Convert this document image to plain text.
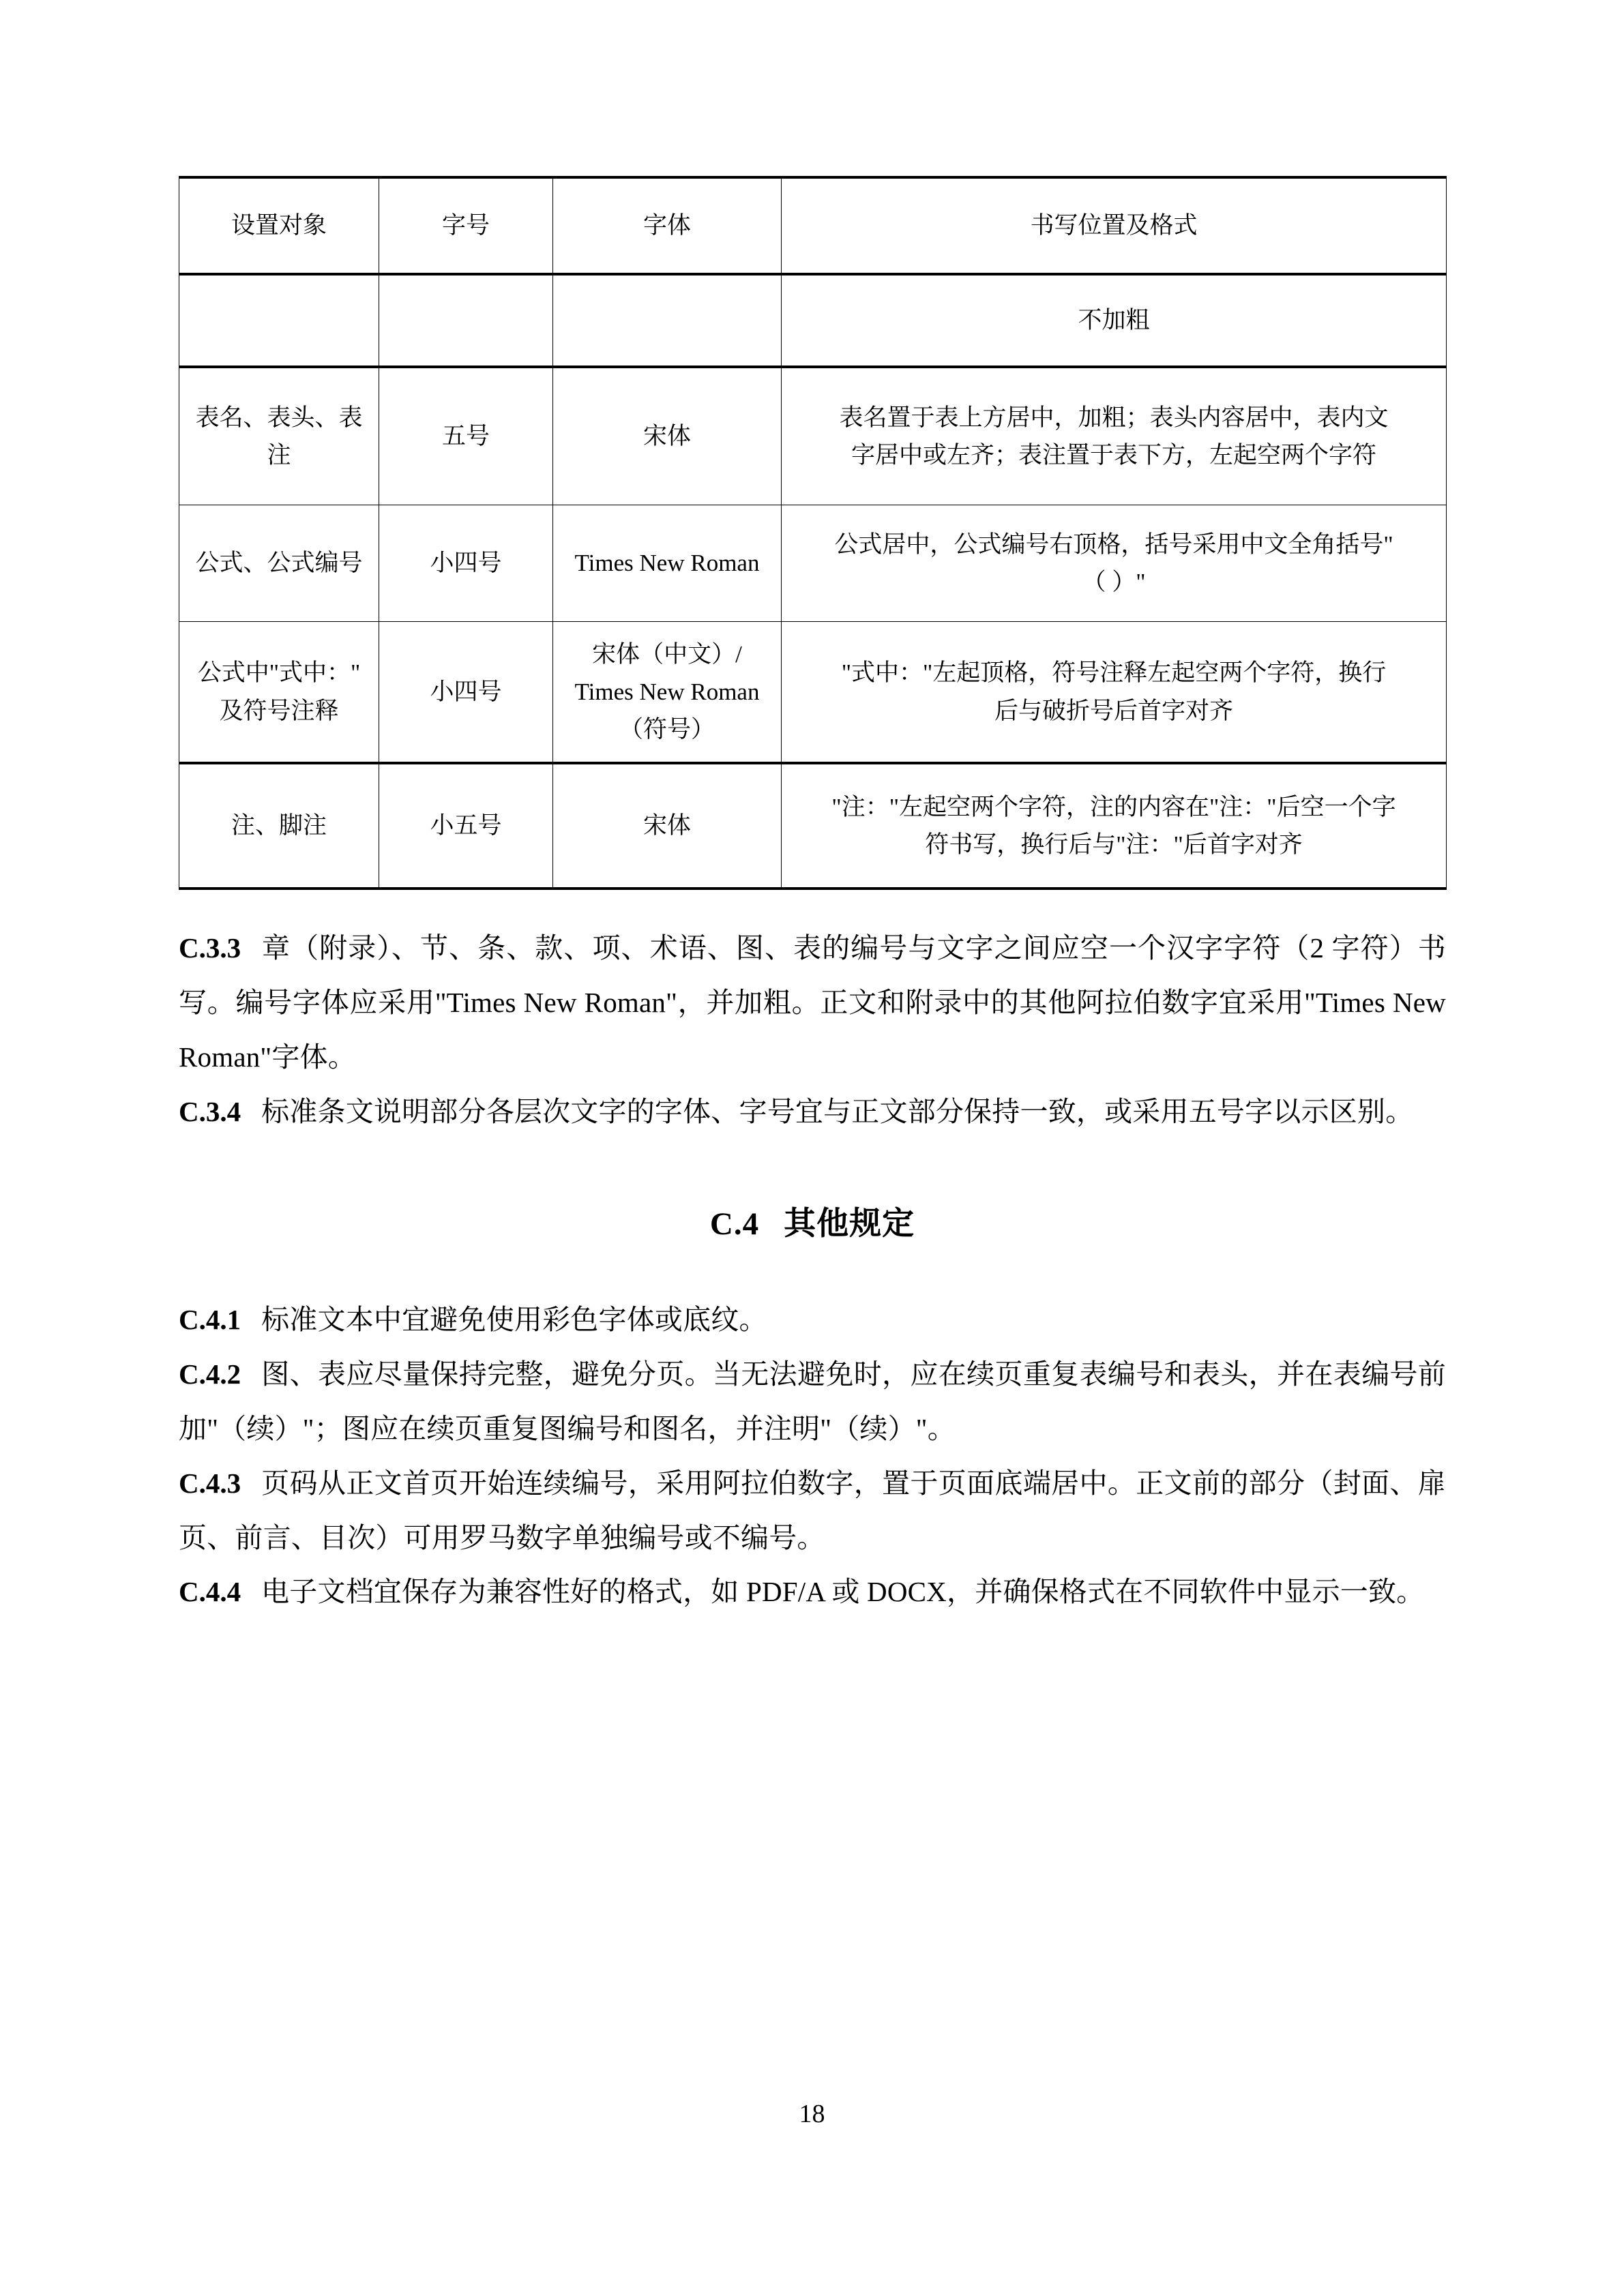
设置对象	字号	字体	书写位置及格式

			不加粗

表名、表头、表
注	五号	宋体	表名置于表上方居中，加粗；表头内容居中，表内文
字居中或左齐；表注置于表下方，左起空两个字符

公式、公式编号	小四号	Times New Roman	公式居中，公式编号右顶格，括号采用中文全角括号"
（ ）"

公式中"式中："
及符号注释	小四号	宋体（中文）/
Times New Roman
（符号）	"式中："左起顶格，符号注释左起空两个字符，换行
后与破折号后首字对齐

注、脚注	小五号	宋体	"注："左起空两个字符，注的内容在"注："后空一个字
符书写，换行后与"注："后首字对齐

C.3.3 章（附录）、节、条、款、项、术语、图、表的编号与文字之间应空一个汉字字符（2 字符）书写。编号字体应采用"Times New Roman"，并加粗。正文和附录中的其他阿拉伯数字宜采用"Times New Roman"字体。

C.3.4 标准条文说明部分各层次文字的字体、字号宜与正文部分保持一致，或采用五号字以示区别。

C.4 其他规定

C.4.1 标准文本中宜避免使用彩色字体或底纹。

C.4.2 图、表应尽量保持完整，避免分页。当无法避免时，应在续页重复表编号和表头，并在表编号前加"（续）"；图应在续页重复图编号和图名，并注明"（续）"。

C.4.3 页码从正文首页开始连续编号，采用阿拉伯数字，置于页面底端居中。正文前的部分（封面、扉页、前言、目次）可用罗马数字单独编号或不编号。

C.4.4 电子文档宜保存为兼容性好的格式，如 PDF/A 或 DOCX，并确保格式在不同软件中显示一致。

18
